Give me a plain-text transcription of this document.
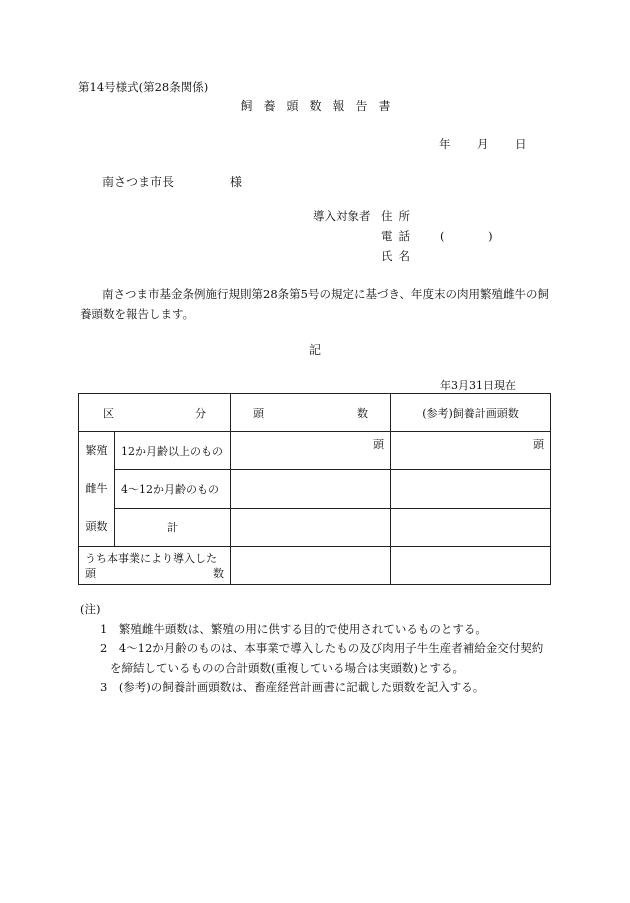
第14号様式(第28条関係)
飼養頭数報告書
年 月 日
南さつま市長	様
導入対象者 住所
電話 ( )
氏名
南さつま市基金条例施行規則第28条第5号の規定に基づき、年度末の肉用繁殖雌牛の飼養頭数を報告します。
記
年3月31日現在
区 分		頭 数	(参考)飼養計画頭数

繁殖
雌牛
頭数	12か月齢以上のもの	頭	頭
	4〜12か月齢のもの		
	計		

うち本事業により導入した
頭 数			

(注)
1　繁殖雌牛頭数は、繁殖の用に供する目的で使用されているものとする。
2　4〜12か月齢のものは、本事業で導入したもの及び肉用子牛生産者補給金交付契約
を締結しているものの合計頭数(重複している場合は実頭数)とする。
3　(参考)の飼養計画頭数は、畜産経営計画書に記載した頭数を記入する。
